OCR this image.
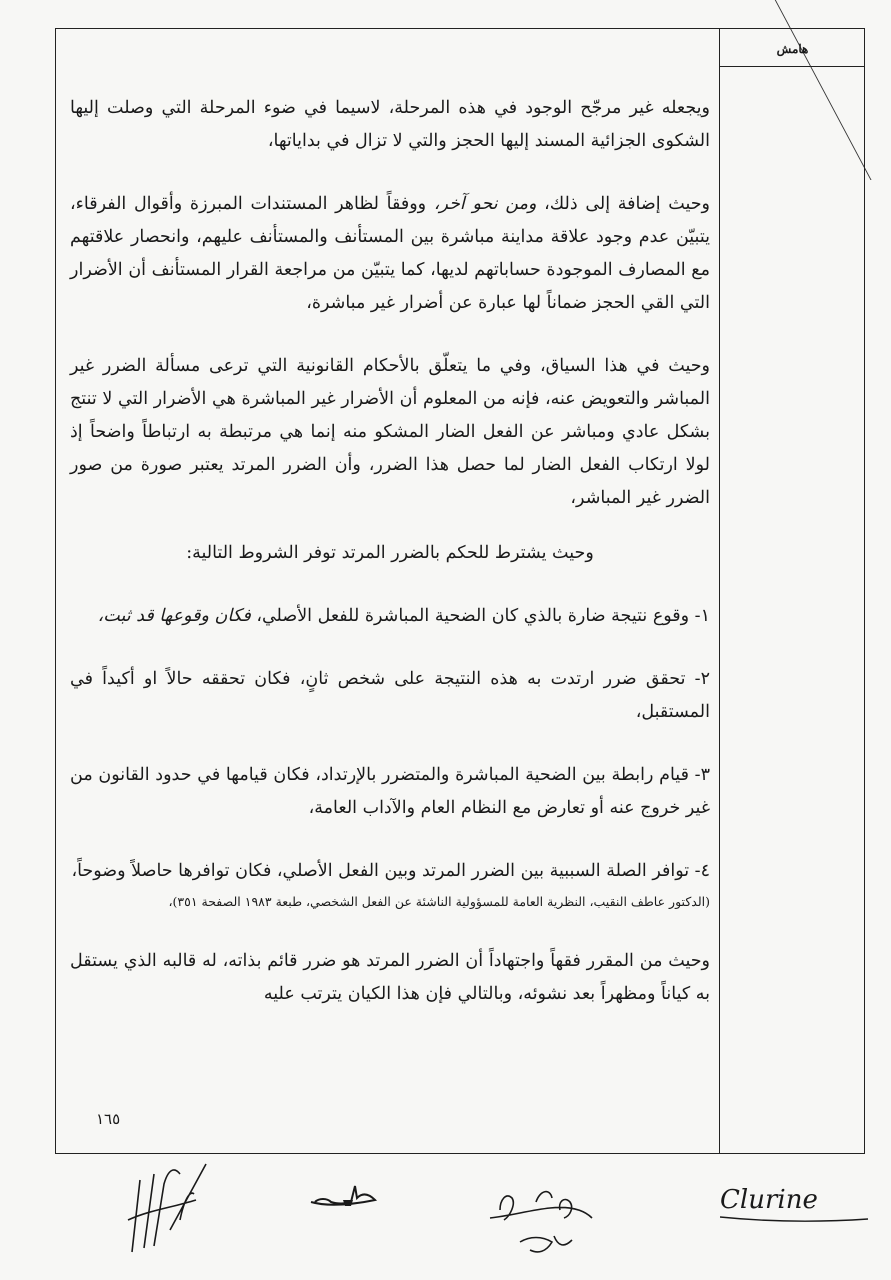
هامش

ويجعله غير مرجّح الوجود في هذه المرحلة، لاسيما في ضوء المرحلة التي وصلت إليها الشكوى الجزائية المسند إليها الحجز والتي لا تزال في بداياتها،

وحيث إضافة إلى ذلك، ومن نحو آخر، ووفقاً لظاهر المستندات المبرزة وأقوال الفرقاء، يتبيّن عدم وجود علاقة مداينة مباشرة بين المستأنف والمستأنف عليهم، وانحصار علاقتهم مع المصارف الموجودة حساباتهم لديها، كما يتبيّن من مراجعة القرار المستأنف أن الأضرار التي القي الحجز ضماناً لها عبارة عن أضرار غير مباشرة،

وحيث في هذا السياق، وفي ما يتعلّق بالأحكام القانونية التي ترعى مسألة الضرر غير المباشر والتعويض عنه، فإنه من المعلوم أن الأضرار غير المباشرة هي الأضرار التي لا تنتج بشكل عادي ومباشر عن الفعل الضار المشكو منه إنما هي مرتبطة به ارتباطاً واضحاً إذ لولا ارتكاب الفعل الضار لما حصل هذا الضرر، وأن الضرر المرتد يعتبر صورة من صور الضرر غير المباشر،

وحيث يشترط للحكم بالضرر المرتد توفر الشروط التالية:

١- وقوع نتيجة ضارة بالذي كان الضحية المباشرة للفعل الأصلي، فكان وقوعها قد ثبت،

٢- تحقق ضرر ارتدت به هذه النتيجة على شخص ثانٍ، فكان تحققه حالاً او أكيداً في المستقبل،

٣- قيام رابطة بين الضحية المباشرة والمتضرر بالإرتداد، فكان قيامها في حدود القانون من غير خروج عنه أو تعارض مع النظام العام والآداب العامة،

٤- توافر الصلة السببية بين الضرر المرتد وبين الفعل الأصلي، فكان توافرها حاصلاً وضوحاً،

(الدكتور عاطف النقيب، النظرية العامة للمسؤولية الناشئة عن الفعل الشخصي، طبعة ١٩٨٣ الصفحة ٣٥١)،

وحيث من المقرر فقهاً واجتهاداً أن الضرر المرتد هو ضرر قائم بذاته، له قالبه الذي يستقل به كياناً ومظهراً بعد نشوئه، وبالتالي فإن هذا الكيان يترتب عليه

١٦٥
Clurine
